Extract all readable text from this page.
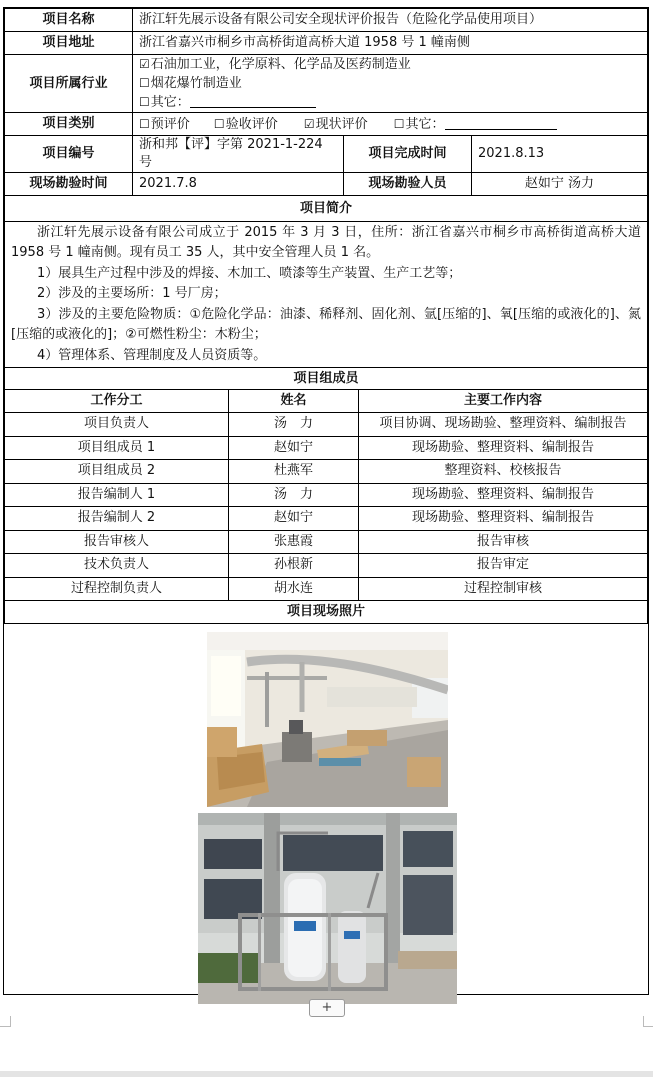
项目名称	浙江轩先展示设备有限公司安全现状评价报告（危险化学品使用项目）		
项目地址	浙江省嘉兴市桐乡市高桥街道高桥大道 1958 号 1 幢南侧		
项目所属行业	☑石油加工业，化学原料、化学品及医药制造业
☐烟花爆竹制造业
☐其它：		

项目类别	☐预评价 ☐验收评价 ☑现状评价 ☐其它：		
项目编号	浙和邦【评】字第 2021-1-224 号	项目完成时间	2021.8.13
现场勘验时间	2021.7.8	现场勘验人员	赵如宁 汤力
项目简介			

浙江轩先展示设备有限公司成立于 2015 年 3 月 3 日，住所：浙江省嘉兴市桐乡市高桥街道高桥大道 1958 号 1 幢南侧。现有员工 35 人，其中安全管理人员 1 名。

1）展具生产过程中涉及的焊接、木加工、喷漆等生产装置、生产工艺等；

2）涉及的主要场所：1 号厂房；

3）涉及的主要危险物质：①危险化学品：油漆、稀释剂、固化剂、氩[压缩的]、氧[压缩的或液化的]、氮[压缩的或液化的]；②可燃性粉尘：木粉尘；

4）管理体系、管理制度及人员资质等。			

项目组成员			
工作分工	姓名	主要工作内容
项目负责人	汤　力	项目协调、现场勘验、整理资料、编制报告
项目组成员 1	赵如宁	现场勘验、整理资料、编制报告
项目组成员 2	杜燕军	整理资料、校核报告
报告编制人 1	汤　力	现场勘验、整理资料、编制报告
报告编制人 2	赵如宁	现场勘验、整理资料、编制报告
报告审核人	张惠霞	报告审核
技术负责人	孙根新	报告审定
过程控制负责人	胡水连	过程控制审核
项目现场照片		
+
